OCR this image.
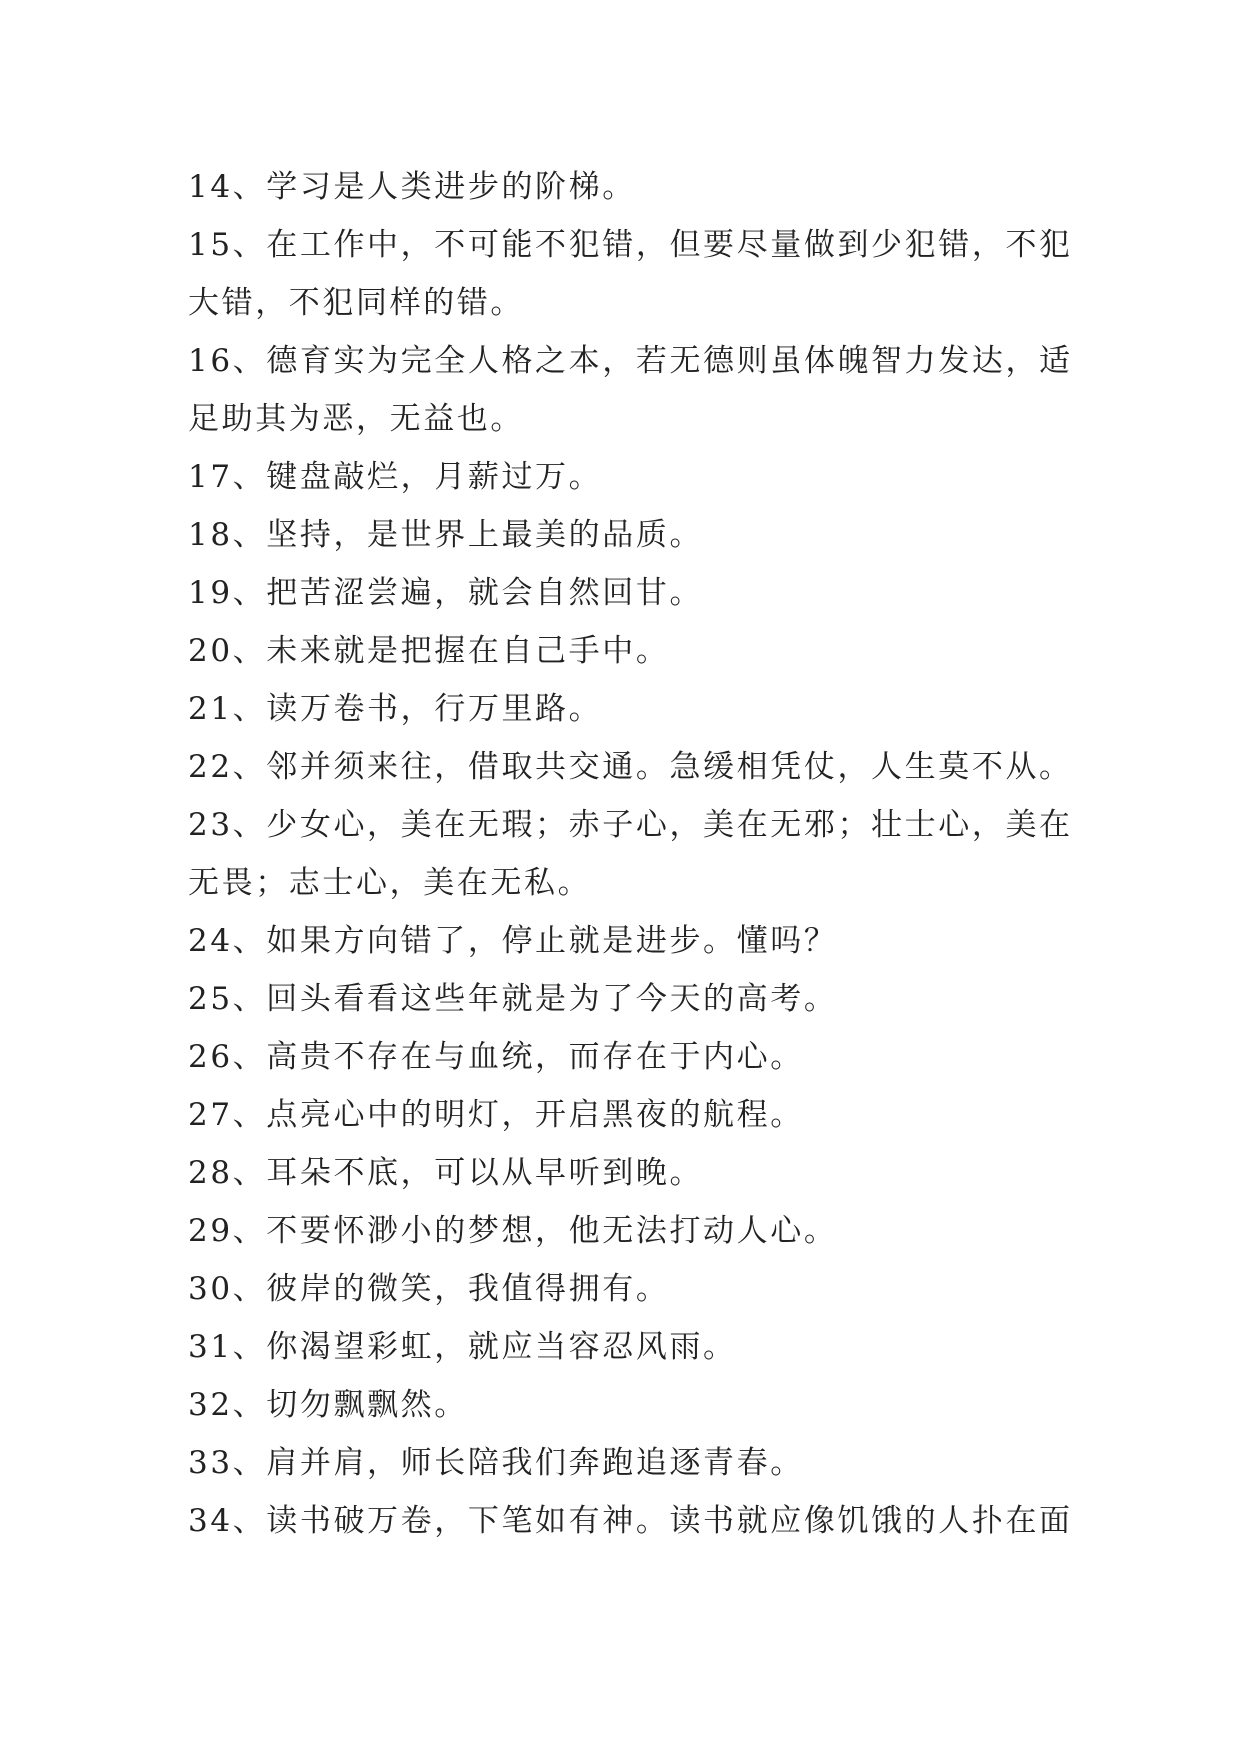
14、学习是人类进步的阶梯。
15、在工作中，不可能不犯错，但要尽量做到少犯错，不犯
大错，不犯同样的错。
16、德育实为完全人格之本，若无德则虽体魄智力发达，适
足助其为恶，无益也。
17、键盘敲烂，月薪过万。
18、坚持，是世界上最美的品质。
19、把苦涩尝遍，就会自然回甘。
20、未来就是把握在自己手中。
21、读万卷书，行万里路。
22、邻并须来往，借取共交通。急缓相凭仗，人生莫不从。
23、少女心，美在无瑕；赤子心，美在无邪；壮士心，美在
无畏；志士心，美在无私。
24、如果方向错了，停止就是进步。懂吗？
25、回头看看这些年就是为了今天的高考。
26、高贵不存在与血统，而存在于内心。
27、点亮心中的明灯，开启黑夜的航程。
28、耳朵不底，可以从早听到晚。
29、不要怀渺小的梦想，他无法打动人心。
30、彼岸的微笑，我值得拥有。
31、你渴望彩虹，就应当容忍风雨。
32、切勿飘飘然。
33、肩并肩，师长陪我们奔跑追逐青春。
34、读书破万卷，下笔如有神。读书就应像饥饿的人扑在面
